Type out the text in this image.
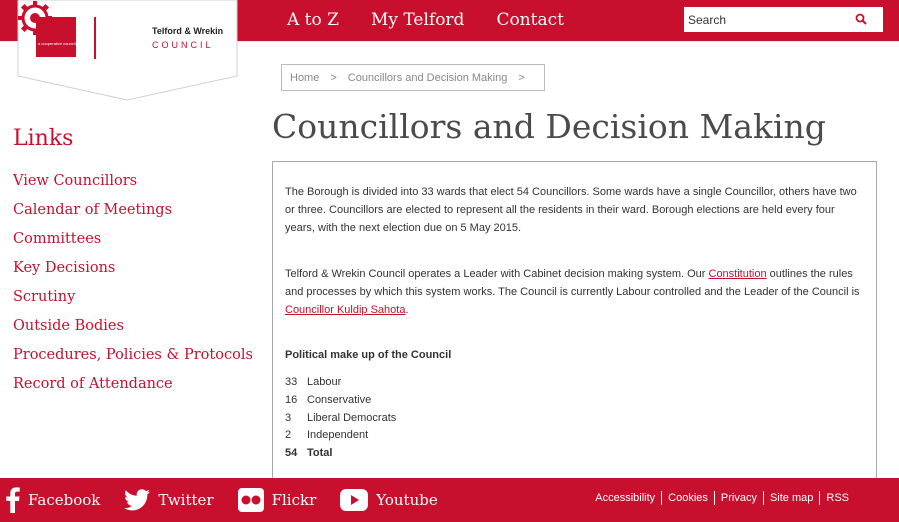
a cooperative council
Telford & Wrekin
COUNCIL
A to Z My Telford Contact
Search
Home > Councillors and Decision Making >
Councillors and Decision Making
Links
View Councillors
Calendar of Meetings
Committees
Key Decisions
Scrutiny
Outside Bodies
Procedures, Policies & Protocols
Record of Attendance

The Borough is divided into 33 wards that elect 54 Councillors. Some wards have a single Councillor, others have two or three. Councillors are elected to represent all the residents in their ward. Borough elections are held every four years, with the next election due on 5 May 2015.

Telford & Wrekin Council operates a Leader with Cabinet decision making system. Our Constitution outlines the rules and processes by which this system works. The Council is currently Labour controlled and the Leader of the Council is Councillor Kuldip Sahota.

Political make up of the Council

33 Labour
16 Conservative
3	Liberal Democrats
2	Independent
54 Total
Facebook	Twitter	Flickr	Youtube	Accessibility	Cookies	Privacy	Site map	RSS
